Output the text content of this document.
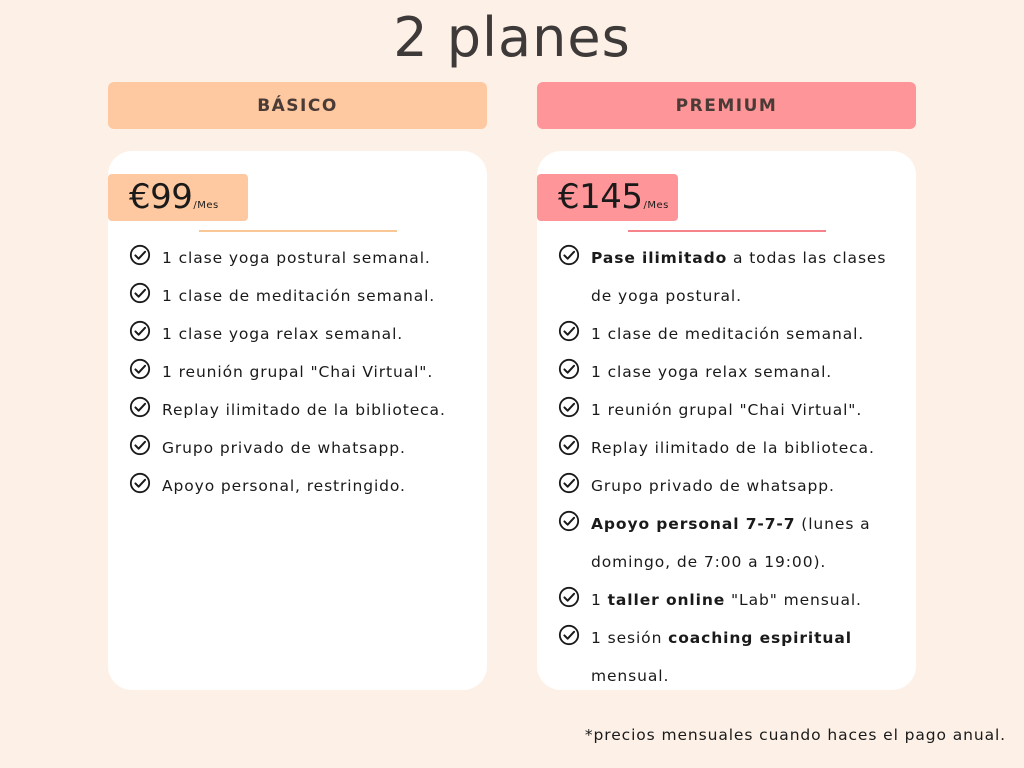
2 planes
BÁSICO	PREMIUM
€99 /Mes
1 clase yoga postural semanal.
1 clase de meditación semanal.
1 clase yoga relax semanal.
1 reunión grupal "Chai Virtual".
Replay ilimitado de la biblioteca.
Grupo privado de whatsapp.
Apoyo personal, restringido.
€145 /Mes
Pase ilimitado a todas las clases de yoga postural.
1 clase de meditación semanal.
1 clase yoga relax semanal.
1 reunión grupal "Chai Virtual".
Replay ilimitado de la biblioteca.
Grupo privado de whatsapp.
Apoyo personal 7-7-7 (lunes a domingo, de 7:00 a 19:00).
1 taller online "Lab" mensual.
1 sesión coaching espiritual mensual.
*precios mensuales cuando haces el pago anual.
